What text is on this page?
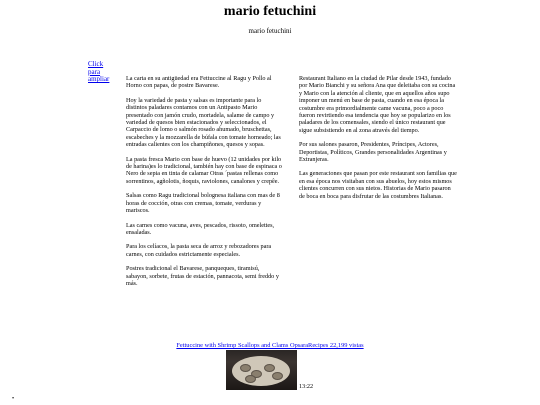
mario fetuchini
mario fetuchini
Click para ampliar	La carta en su antigüedad era Fettuccine al Ragu y Pollo al Horno con papas, de postre Bavarese.

Hoy la variedad de pasta y salsas es importante para lo distintos paladares contamos con un Antipasto Mario presentado con jamón crudo, mortadela, salame de campo y variedad de quesos bien estacionados y seleccionados, el Carpaccio de lomo o salmón rosado ahumado, bruschettas, escabeches y la mozzarella de búfala con tomate horneado; las entradas calientes con los champiñones, quesos y sopas.

La pasta fresca Mario con base de huevo (12 unidades por kilo de harina)es lo tradicional, también hay con base de espinaca o Nero de sepia en tinta de calamar Otras ´pastas rellenas como sorrentinos, agñolotis, ñoquis, raviolones, canalones y crepêe.

Salsas como Ragu tradicional bolognesa italiana con mas de 8 horas de cocción, otras con cremas, tomate, verduras y mariscos.

Las carnes como vacuna, aves, pescados, rissoto, omelettes, ensaladas.

Para los celíacos, la pasta seca de arroz y rebozadores para carnes, con cuidados estrictamente especiales.

Postres tradicional el Bavarese, panqueques, tiramisú, sabayon, sorbete, frutas de estación, pannacota, semi freddo y más.

Restaurant Italiano en la ciudad de Pilar desde 1943, fundado por Mario Bianchi y su señora Ana que deleitaba con su cocina y Mario con la atención al cliente, que en aquellos años supo imponer un menú en base de pasta, cuando en esa época la costumbre era primordialmente came vacuna, poco a poco fueron revirtiendo esa tendencia que hoy se popularizo en los paladares de los comensales, siendo el único restaurant que sigue subsistiendo en al zona através del tiempo.

Por sus salones pasaron, Presidentes, Príncipes, Actores, Deportistas, Políticos, Grandes personalidades Argentinas y Extranjeras.

Las generaciones que pasan por este restaurant son familias que en esa época nos visitaban con sus abuelos, hoy estos mismos clientes concurren con sus nietos. Historias de Mario pasaron de boca en boca para disfrutar de las costumbres Italianas.

Fettuccine with Shrimp Scallops and Clams OpsaraRecipes 22,199 vistas
13:22
•
